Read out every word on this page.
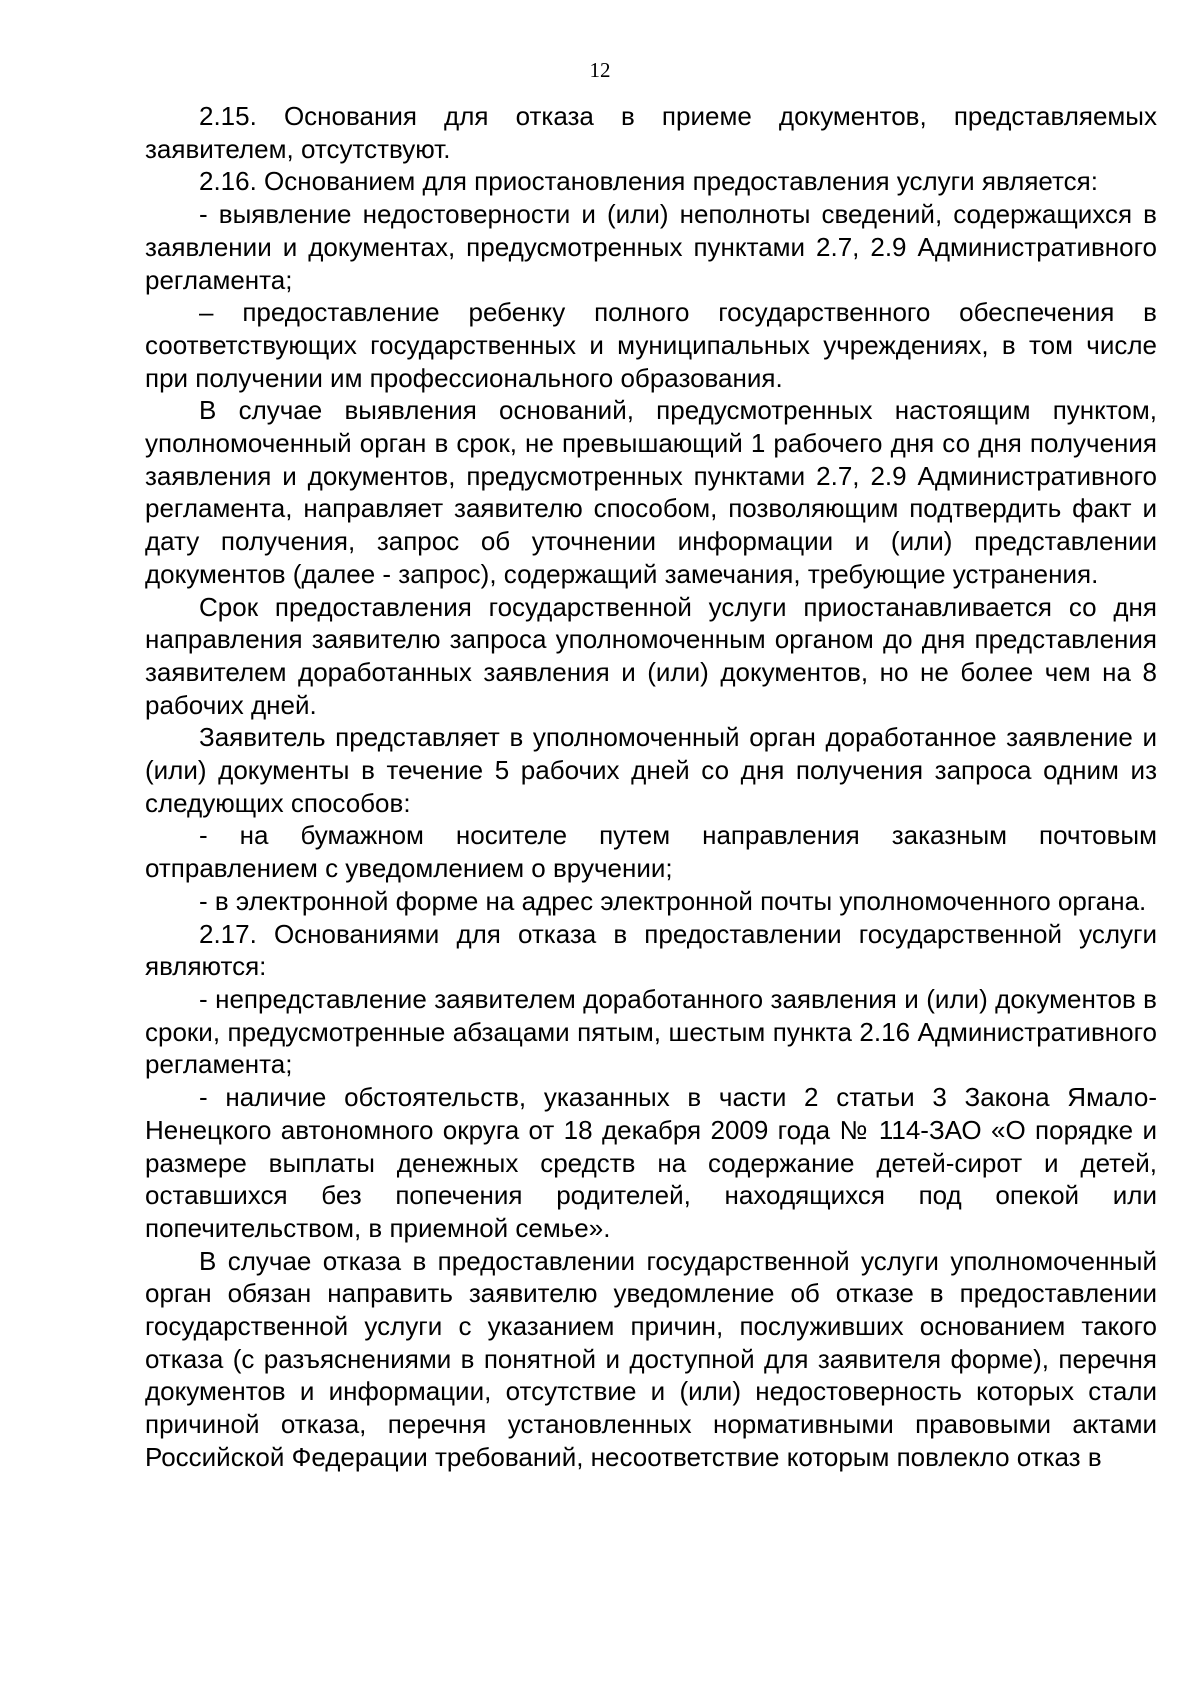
12

2.15. Основания для отказа в приеме документов, представляемых заявителем, отсутствуют.

2.16. Основанием для приостановления предоставления услуги является:

- выявление недостоверности и (или) неполноты сведений, содержащихся в заявлении и документах, предусмотренных пунктами 2.7, 2.9 Административного регламента;

– предоставление ребенку полного государственного обеспечения в соответствующих государственных и муниципальных учреждениях, в том числе при получении им профессионального образования.

В случае выявления оснований, предусмотренных настоящим пунктом, уполномоченный орган в срок, не превышающий 1 рабочего дня со дня получения заявления и документов, предусмотренных пунктами 2.7, 2.9 Административного регламента, направляет заявителю способом, позволяющим подтвердить факт и дату получения, запрос об уточнении информации и (или) представлении документов (далее - запрос), содержащий замечания, требующие устранения.

Срок предоставления государственной услуги приостанавливается со дня направления заявителю запроса уполномоченным органом до дня представления заявителем доработанных заявления и (или) документов, но не более чем на 8 рабочих дней.

Заявитель представляет в уполномоченный орган доработанное заявление и (или) документы в течение 5 рабочих дней со дня получения запроса одним из следующих способов:

- на бумажном носителе путем направления заказным почтовым отправлением с уведомлением о вручении;

- в электронной форме на адрес электронной почты уполномоченного органа.

2.17. Основаниями для отказа в предоставлении государственной услуги являются:

- непредставление заявителем доработанного заявления и (или) документов в сроки, предусмотренные абзацами пятым, шестым пункта 2.16 Административного регламента;

- наличие обстоятельств, указанных в части 2 статьи 3 Закона Ямало-Ненецкого автономного округа от 18 декабря 2009 года № 114-ЗАО «О порядке и размере выплаты денежных средств на содержание детей-сирот и детей, оставшихся без попечения родителей, находящихся под опекой или попечительством, в приемной семье».

В случае отказа в предоставлении государственной услуги уполномоченный орган обязан направить заявителю уведомление об отказе в предоставлении государственной услуги с указанием причин, послуживших основанием такого отказа (с разъяснениями в понятной и доступной для заявителя форме), перечня документов и информации, отсутствие и (или) недостоверность которых стали причиной отказа, перечня установленных нормативными правовыми актами Российской Федерации требований, несоответствие которым повлекло отказ в
